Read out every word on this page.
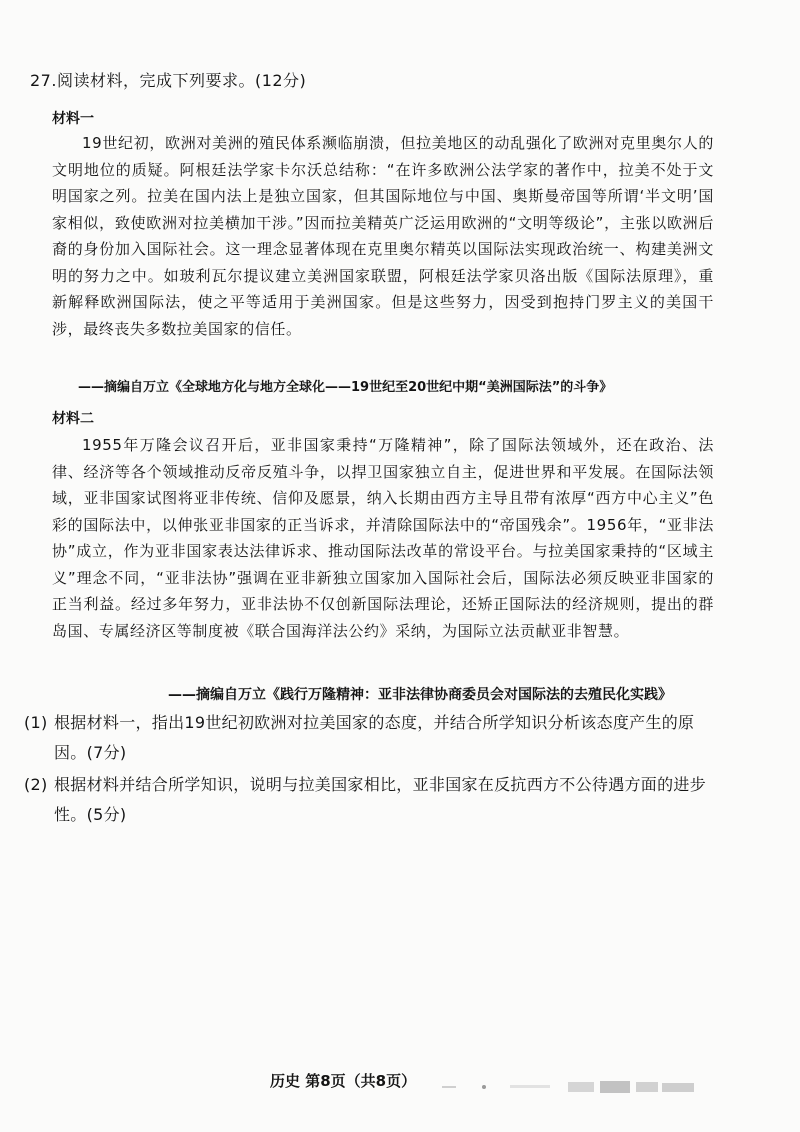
27.阅读材料，完成下列要求。(12分)
材料一

19世纪初，欧洲对美洲的殖民体系濒临崩溃，但拉美地区的动乱强化了欧洲对克里奥尔人的文明地位的质疑。阿根廷法学家卡尔沃总结称：“在许多欧洲公法学家的著作中，拉美不处于文明国家之列。拉美在国内法上是独立国家，但其国际地位与中国、奥斯曼帝国等所谓‘半文明’国家相似，致使欧洲对拉美横加干涉。”因而拉美精英广泛运用欧洲的“文明等级论”，主张以欧洲后裔的身份加入国际社会。这一理念显著体现在克里奥尔精英以国际法实现政治统一、构建美洲文明的努力之中。如玻利瓦尔提议建立美洲国家联盟，阿根廷法学家贝洛出版《国际法原理》，重新解释欧洲国际法，使之平等适用于美洲国家。但是这些努力，因受到抱持门罗主义的美国干涉，最终丧失多数拉美国家的信任。

——摘编自万立《全球地方化与地方全球化——19世纪至20世纪中期“美洲国际法”的斗争》
材料二

1955年万隆会议召开后，亚非国家秉持“万隆精神”，除了国际法领域外，还在政治、法律、经济等各个领域推动反帝反殖斗争，以捍卫国家独立自主，促进世界和平发展。在国际法领域，亚非国家试图将亚非传统、信仰及愿景，纳入长期由西方主导且带有浓厚“西方中心主义”色彩的国际法中，以伸张亚非国家的正当诉求，并清除国际法中的“帝国残余”。1956年，“亚非法协”成立，作为亚非国家表达法律诉求、推动国际法改革的常设平台。与拉美国家秉持的“区域主义”理念不同，“亚非法协”强调在亚非新独立国家加入国际社会后，国际法必须反映亚非国家的正当利益。经过多年努力，亚非法协不仅创新国际法理论，还矫正国际法的经济规则，提出的群岛国、专属经济区等制度被《联合国海洋法公约》采纳，为国际立法贡献亚非智慧。

——摘编自万立《践行万隆精神：亚非法律协商委员会对国际法的去殖民化实践》
(1) 根据材料一，指出19世纪初欧洲对拉美国家的态度，并结合所学知识分析该态度产生的原
因。(7分)
(2) 根据材料并结合所学知识，说明与拉美国家相比，亚非国家在反抗西方不公待遇方面的进步
性。(5分)
历史 第8页（共8页）
